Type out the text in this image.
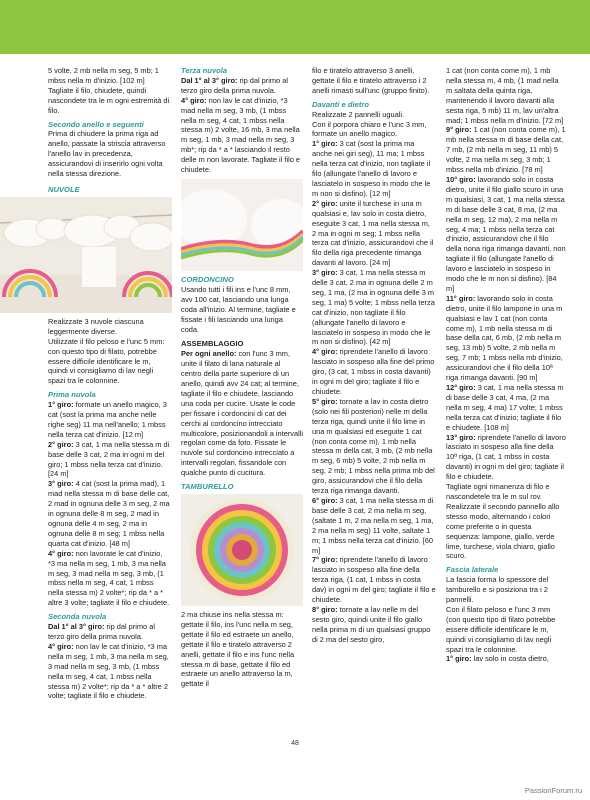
5 volte, 2 mb nella m seg, 5 mb; 1 mbss nella m d'inizio. [102 m]

Tagliate il filo, chiudete, quindi nascondete tra le m ogni estremità di filo.

Secondo anello e seguenti

Prima di chiudere la prima riga ad anello, passate la striscia attraverso l'anello lav in precedenza, assicurandovi di inserirlo ogni volta nella stessa direzione.

NUVOLE

Realizzate 3 nuvole ciascuna leggermente diverse.

Utilizzate il filo peloso e l'unc 5 mm: con questo tipo di filato, potrebbe essere difficile identificare le m, quindi vi consigliamo di lav negli spazi tra le colonnine.

Prima nuvola

1° giro: formate un anello magico, 3 cat (sost la prima ma anche nelle righe seg) 11 ma nell'anello; 1 mbss nella terza cat d'inizio. [12 m]

2° giro: 3 cat, 1 ma nella stessa m di base delle 3 cat, 2 ma in ogni m del giro; 1 mbss nella terza cat d'inizio. [24 m]

3° giro: 4 cat (sost la prima mad), 1 mad nella stessa m di base delle cat, 2 mad in ognuna delle 3 m seg, 2 ma in ognuna delle 8 m seg, 2 mad in ognuna delle 4 m seg, 2 ma in ognuna delle 8 m seg; 1 mbss nella quarta cat d'inizio. [48 m]

4° giro: non lavorate le cat d'inizio, *3 ma nella m seg, 1 mb, 3 ma nella m seg, 3 mad nella m seg, 3 mb, (1 mbss nella m seg, 4 cat, 1 mbss nella stessa m) 2 volte*; rip da * a * altre 3 volte; tagliate il filo e chiudete.

Seconda nuvola

Dal 1° al 3° giro: rip dal primo al terzo giro della prima nuvola.

4° giro: non lav le cat d'inizio, *3 ma nella m seg, 1 mb, 3 ma nella m seg, 3 mad nella m seg, 3 mb, (1 mbss nella m seg, 4 cat, 1 mbss nella stessa m) 2 volte*; rip da * a * altre 2 volte; tagliate il filo e chiudete.

Terza nuvola

Dal 1° al 3° giro: rip dal primo al terzo giro della prima nuvola.

4° giro: non lav le cat d'inizio, *3 mad nella m seg, 3 mb, (1 mbss nella m seg, 4 cat, 1 mbss nella stessa m) 2 volte, 16 mb, 3 ma nella m seg, 1 mb, 3 mad nella m seg, 3 mb*; rip da * a * lasciando il resto delle m non lavorate. Tagliate il filo e chiudete.

CORDONCINO

Usando tutti i fili ins e l'unc 8 mm, avv 100 cat, lasciando una lunga coda all'inizio. Al termine, tagliate e fissate i fili lasciando una lunga coda.

ASSEMBLAGGIO

Per ogni anello: con l'unc 3 mm, unite il filato di lana naturale al centro della parte superiore di un anello, quindi avv 24 cat; al termine, tagliate il filo e chiudete, lasciando una coda per cucire. Usate le code per fissare i cordoncini di cat dei cerchi al cordoncino intrecciato multicolore, posizionandoli a intervalli regolari come da foto. Fissate le nuvole sul cordoncino intrecciato a intervalli regolari, fissandole con qualche punto di cucitura.

TAMBURELLO

2 ma chiuse ins nella stessa m: gettate il filo, ins l'unc nella m seg, gettate il filo ed estraete un anello, gettate il filo e tiratelo attraverso 2 anelli, gettate il filo e ins l'unc nella stessa m di base, gettate il filo ed estraete un anello attraverso la m, gettate il

filo e tiratelo attraverso 3 anelli, gettate il filo e tiratelo attraverso i 2 anelli rimasti sull'unc (gruppo finito).

Davanti e dietro

Realizzate 2 pannelli uguali.

Con il porpora chiaro e l'unc 3 mm, formate un anello magico.

1° giro: 3 cat (sost la prima ma anche nei giri seg), 11 ma; 1 mbss nella terza cat d'inizio, non tagliate il filo (allungate l'anello di lavoro e lasciatelo in sospeso in modo che le m non si disfino). [12 m]

2° giro: unite il turchese in una m qualsiasi e, lav solo in costa dietro, eseguite 3 cat, 1 ma nella stessa m, 2 ma in ogni m seg; 1 mbss nella terza cat d'inizio, assicurandovi che il filo della riga precedente rimanga davanti al lavoro. [24 m]

3° giro: 3 cat, 1 ma nella stessa m delle 3 cat, 2 ma in ognuna delle 2 m seg, 1 ma, (2 ma in ognuna delle 3 m seg, 1 ma) 5 volte; 1 mbss nella terza cat d'inizio, non tagliate il filo (allungate l'anello di lavoro e lasciatelo in sospeso in modo che le m non si disfino). [42 m]

4° giro: riprendete l'anello di lavoro lasciato in sospeso alla fine del primo giro, (3 cat, 1 mbss in costa davanti) in ogni m del giro; tagliate il filo e chiudete.

5° giro: tornate a lav in costa dietro (solo nei fili posteriori) nelle m della terza riga, quindi unite il filo lime in una m qualsiasi ed eseguite 1 cat (non conta come m), 1 mb nella stessa m della cat, 3 mb, (2 mb nella m seg, 6 mb) 5 volte, 2 mb nella m seg, 2 mb; 1 mbss nella prima mb del giro, assicurandovi che il filo della terza riga rimanga davanti.

6° giro: 3 cat, 1 ma nella stessa m di base delle 3 cat, 2 ma nella m seg, (saltate 1 m, 2 ma nella m seg, 1 ma, 2 ma nella m seg) 11 volte, saltate 1 m; 1 mbss nella terza cat d'inizio. [60 m]

7° giro: riprendete l'anello di lavoro lasciato in sospeso alla fine della terza riga, (1 cat, 1 mbss in costa dav) in ogni m del giro; tagliate il filo e chiudete.

8° giro: tornate a lav nelle m del sesto giro, quindi unite il filo giallo nella prima m di un qualsiasi gruppo di 2 ma del sesto giro,

1 cat (non conta come m), 1 mb nella stessa m, 4 mb, (1 mad nella m saltata della quinta riga, mantenendo il lavoro davanti alla sesta riga, 5 mb) 11 m, lav un'altra mad; 1 mbss nella m d'inizio. [72 m]

9° giro: 1 cat (non conta come m), 1 mb nella stessa m di base della cat, 7 mb, (2 mb nella m seg, 11 mb) 5 volte, 2 ma nella m seg, 3 mb; 1 mbss nella mb d'inizio. [78 m]

10° giro: lavorando solo in costa dietro, unite il filo giallo scuro in una m qualsiasi, 3 cat, 1 ma nella stessa m di base delle 3 cat, 8 ma, (2 ma nella m seg, 12 ma), 2 ma nella m seg, 4 ma; 1 mbss nella terza cat d'inizio, assicurandovi che il filo della nona riga rimanga davanti, non tagliate il filo (allungate l'anello di lavoro e lasciatelo in sospeso in modo che le m non si disfino). [84 m]

11° giro: lavorando solo in costa dietro, unite il filo lampone in una m qualsiasi e lav 1 cat (non conta come m), 1 mb nella stessa m di base della cat, 6 mb, (2 mb nella m seg, 13 mb) 5 volte, 2 mb nella m seg, 7 mb; 1 mbss nella mb d'inizio, assicurandovi che il filo della 10ª riga rimanga davanti. [90 m]

12° giro: 3 cat, 1 ma nella stessa m di base delle 3 cat, 4 ma, (2 ma nella m seg, 4 ma) 17 volte; 1 mbss nella terza cat d'inizio; tagliate il filo e chiudete. [108 m]

13° giro: riprendete l'anello di lavoro lasciato in sospeso alla fine della 10ª riga, (1 cat, 1 mbss in costa davanti) in ogni m del giro; tagliate il filo e chiudete.

Tagliate ogni rimanenza di filo e nascondetele tra le m sul rov.

Realizzate il secondo pannello allo stesso modo, alternando i colori come preferite o in questa sequenza: lampone, giallo, verde lime, turchese, viola chiaro, giallo scuro.

Fascia laterale

La fascia forma lo spessore del tamburello e si posiziona tra i 2 pannelli.

Con il filato peloso e l'unc 3 mm (con questo tipo di filato potrebbe essere difficile identificare le m, quindi vi consigliamo di lav negli spazi tra le colonnine.

1° giro: lav solo in costa dietro,

48
PassionForum.ru
